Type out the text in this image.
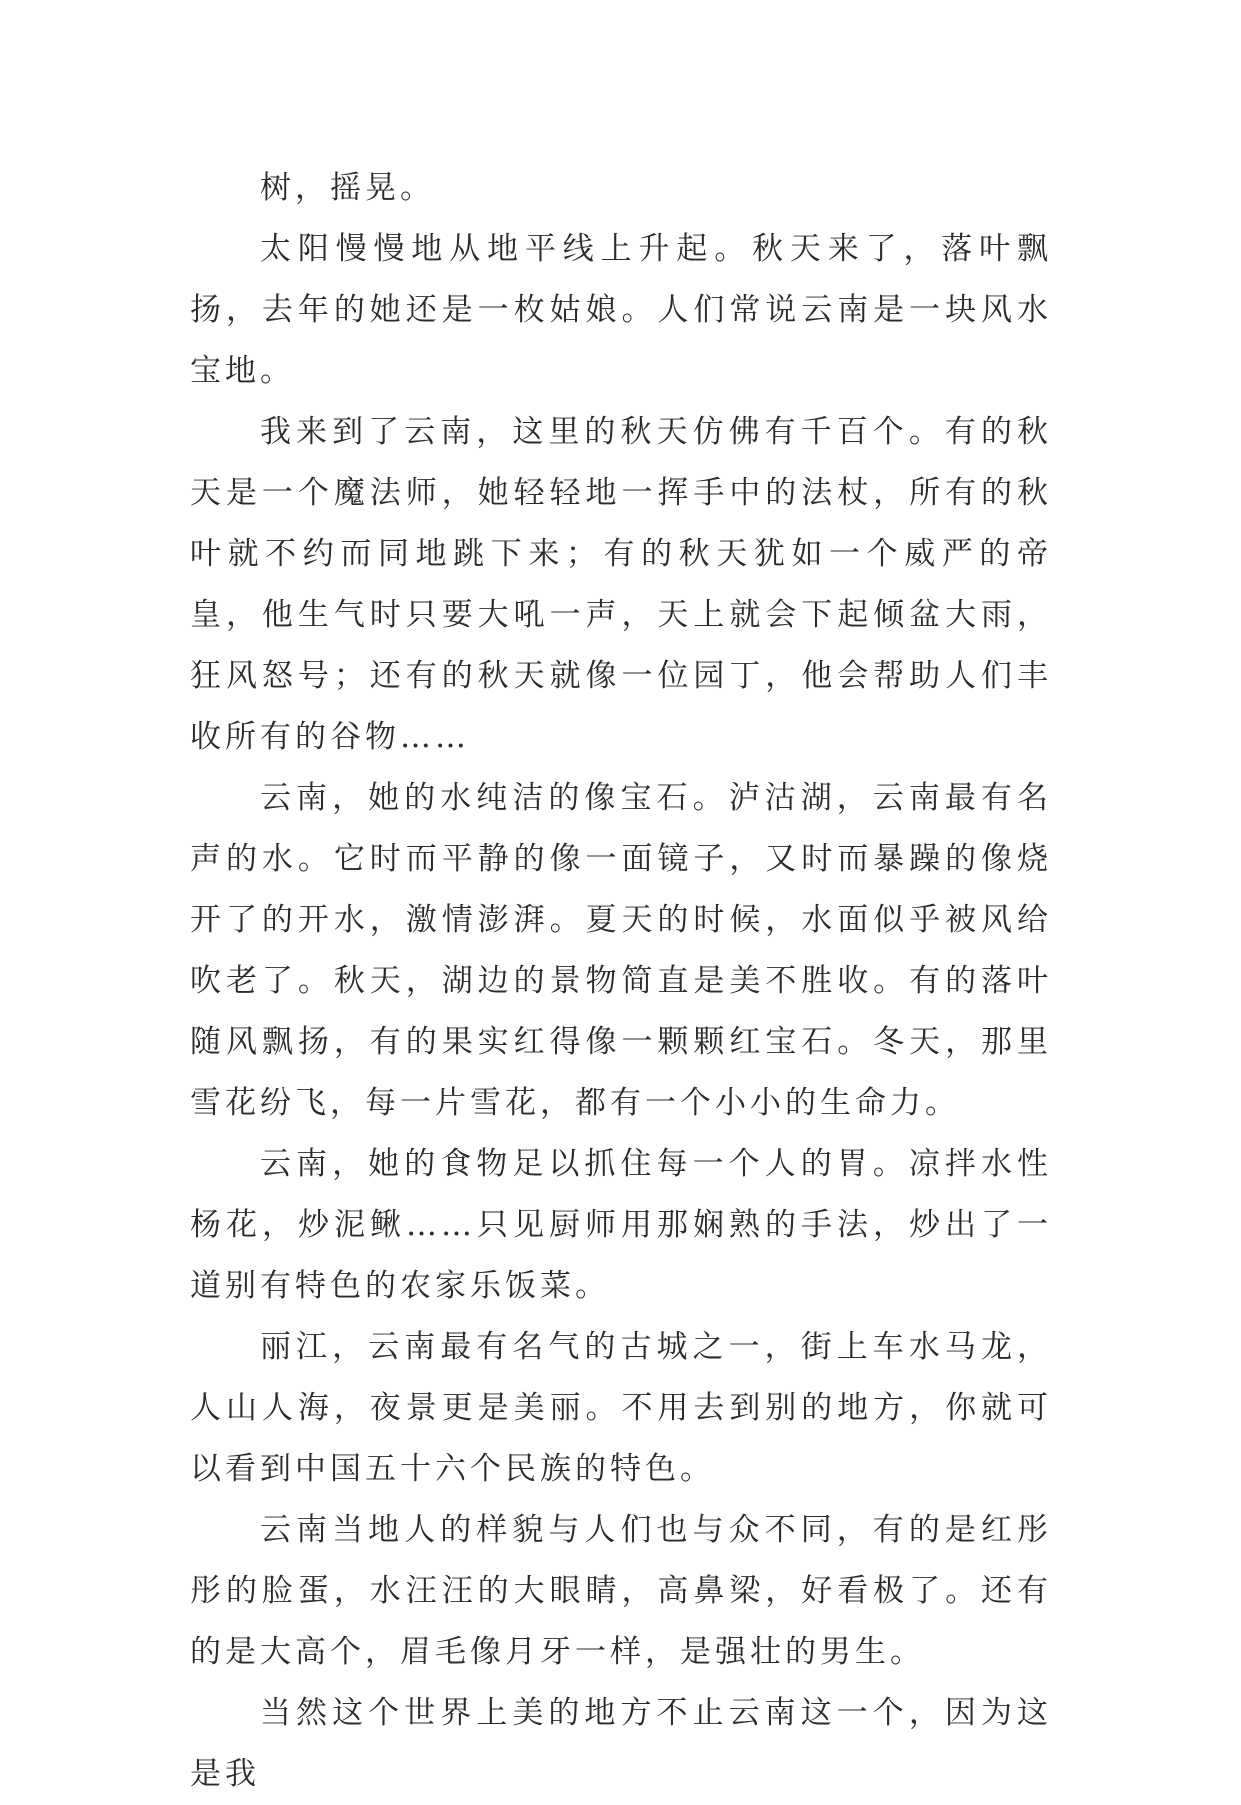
树，摇晃。

太阳慢慢地从地平线上升起。秋天来了，落叶飘扬，去年的她还是一枚姑娘。人们常说云南是一块风水宝地。

我来到了云南，这里的秋天仿佛有千百个。有的秋天是一个魔法师，她轻轻地一挥手中的法杖，所有的秋叶就不约而同地跳下来；有的秋天犹如一个威严的帝皇，他生气时只要大吼一声，天上就会下起倾盆大雨，狂风怒号；还有的秋天就像一位园丁，他会帮助人们丰收所有的谷物……

云南，她的水纯洁的像宝石。泸沽湖，云南最有名声的水。它时而平静的像一面镜子，又时而暴躁的像烧开了的开水，激情澎湃。夏天的时候，水面似乎被风给吹老了。秋天，湖边的景物简直是美不胜收。有的落叶随风飘扬，有的果实红得像一颗颗红宝石。冬天，那里雪花纷飞，每一片雪花，都有一个小小的生命力。

云南，她的食物足以抓住每一个人的胃。凉拌水性杨花，炒泥鳅……只见厨师用那娴熟的手法，炒出了一道别有特色的农家乐饭菜。

丽江，云南最有名气的古城之一，街上车水马龙，人山人海，夜景更是美丽。不用去到别的地方，你就可以看到中国五十六个民族的特色。

云南当地人的样貌与人们也与众不同，有的是红彤彤的脸蛋，水汪汪的大眼睛，高鼻梁，好看极了。还有的是大高个，眉毛像月牙一样，是强壮的男生。

当然这个世界上美的地方不止云南这一个，因为这是我
